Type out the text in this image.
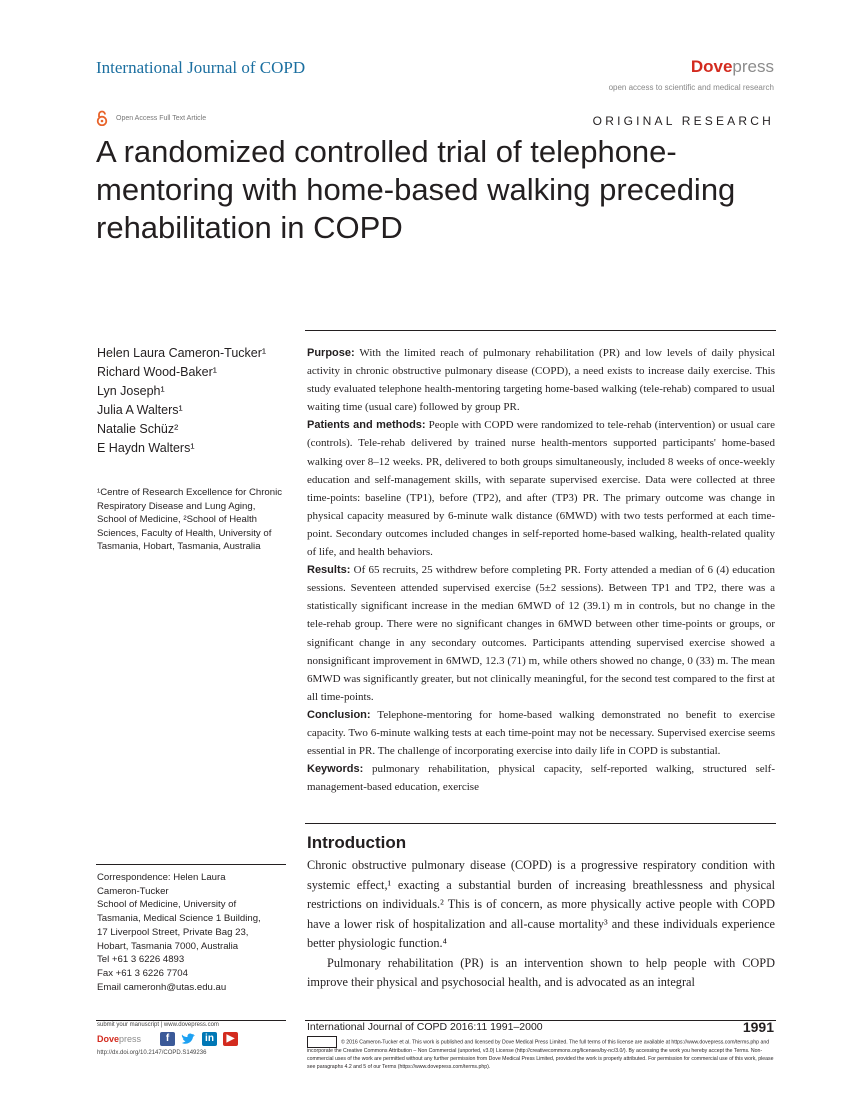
International Journal of COPD	Dovepress
open access to scientific and medical research
Open Access Full Text Article	ORIGINAL RESEARCH
A randomized controlled trial of telephone-mentoring with home-based walking preceding rehabilitation in COPD
Helen Laura Cameron-Tucker¹
Richard Wood-Baker¹
Lyn Joseph¹
Julia A Walters¹
Natalie Schüz²
E Haydn Walters¹
¹Centre of Research Excellence for Chronic Respiratory Disease and Lung Aging, School of Medicine, ²School of Health Sciences, Faculty of Health, University of Tasmania, Hobart, Tasmania, Australia

Purpose: With the limited reach of pulmonary rehabilitation (PR) and low levels of daily physical activity in chronic obstructive pulmonary disease (COPD), a need exists to increase daily exercise. This study evaluated telephone health-mentoring targeting home-based walking (tele-rehab) compared to usual waiting time (usual care) followed by group PR.

Patients and methods: People with COPD were randomized to tele-rehab (intervention) or usual care (controls). Tele-rehab delivered by trained nurse health-mentors supported participants' home-based walking over 8–12 weeks. PR, delivered to both groups simultaneously, included 8 weeks of once-weekly education and self-management skills, with separate supervised exercise. Data were collected at three time-points: baseline (TP1), before (TP2), and after (TP3) PR. The primary outcome was change in physical capacity measured by 6-minute walk distance (6MWD) with two tests performed at each time-point. Secondary outcomes included changes in self-reported home-based walking, health-related quality of life, and health behaviors.

Results: Of 65 recruits, 25 withdrew before completing PR. Forty attended a median of 6 (4) education sessions. Seventeen attended supervised exercise (5±2 sessions). Between TP1 and TP2, there was a statistically significant increase in the median 6MWD of 12 (39.1) m in controls, but no change in the tele-rehab group. There were no significant changes in 6MWD between other time-points or groups, or significant change in any secondary outcomes. Participants attending supervised exercise showed a nonsignificant improvement in 6MWD, 12.3 (71) m, while others showed no change, 0 (33) m. The mean 6MWD was significantly greater, but not clinically meaningful, for the second test compared to the first at all time-points.

Conclusion: Telephone-mentoring for home-based walking demonstrated no benefit to exercise capacity. Two 6-minute walking tests at each time-point may not be necessary. Supervised exercise seems essential in PR. The challenge of incorporating exercise into daily life in COPD is substantial.

Keywords: pulmonary rehabilitation, physical capacity, self-reported walking, structured self-management-based education, exercise

Introduction

Chronic obstructive pulmonary disease (COPD) is a progressive respiratory condition with systemic effect,¹ exacting a substantial burden of increasing breathlessness and physical restrictions on individuals.² This is of concern, as more physically active people with COPD have a lower risk of hospitalization and all-cause mortality³ and these individuals experience better physiologic function.⁴

Pulmonary rehabilitation (PR) is an intervention shown to help people with COPD improve their physical and psychosocial health, and is advocated as an integral

Correspondence: Helen Laura
Cameron-Tucker
School of Medicine, University of
Tasmania, Medical Science 1 Building,
17 Liverpool Street, Private Bag 23,
Hobart, Tasmania 7000, Australia
Tel +61 3 6226 4893
Fax +61 3 6226 7704
Email cameronh@utas.edu.au
submit your manuscript | www.dovepress.com
Dovepress	f	in	▶
http://dx.doi.org/10.2147/COPD.S149236
International Journal of COPD 2016:11 1991–2000	1991
© 2016 Cameron-Tucker et al. This work is published and licensed by Dove Medical Press Limited. The full terms of this license are available at https://www.dovepress.com/terms.php and incorporate the Creative Commons Attribution – Non Commercial (unported, v3.0) License (http://creativecommons.org/licenses/by-nc/3.0/). By accessing the work you hereby accept the Terms. Non-commercial uses of the work are permitted without any further permission from Dove Medical Press Limited, provided the work is properly attributed. For permission for commercial use of this work, please see paragraphs 4.2 and 5 of our Terms (https://www.dovepress.com/terms.php).
